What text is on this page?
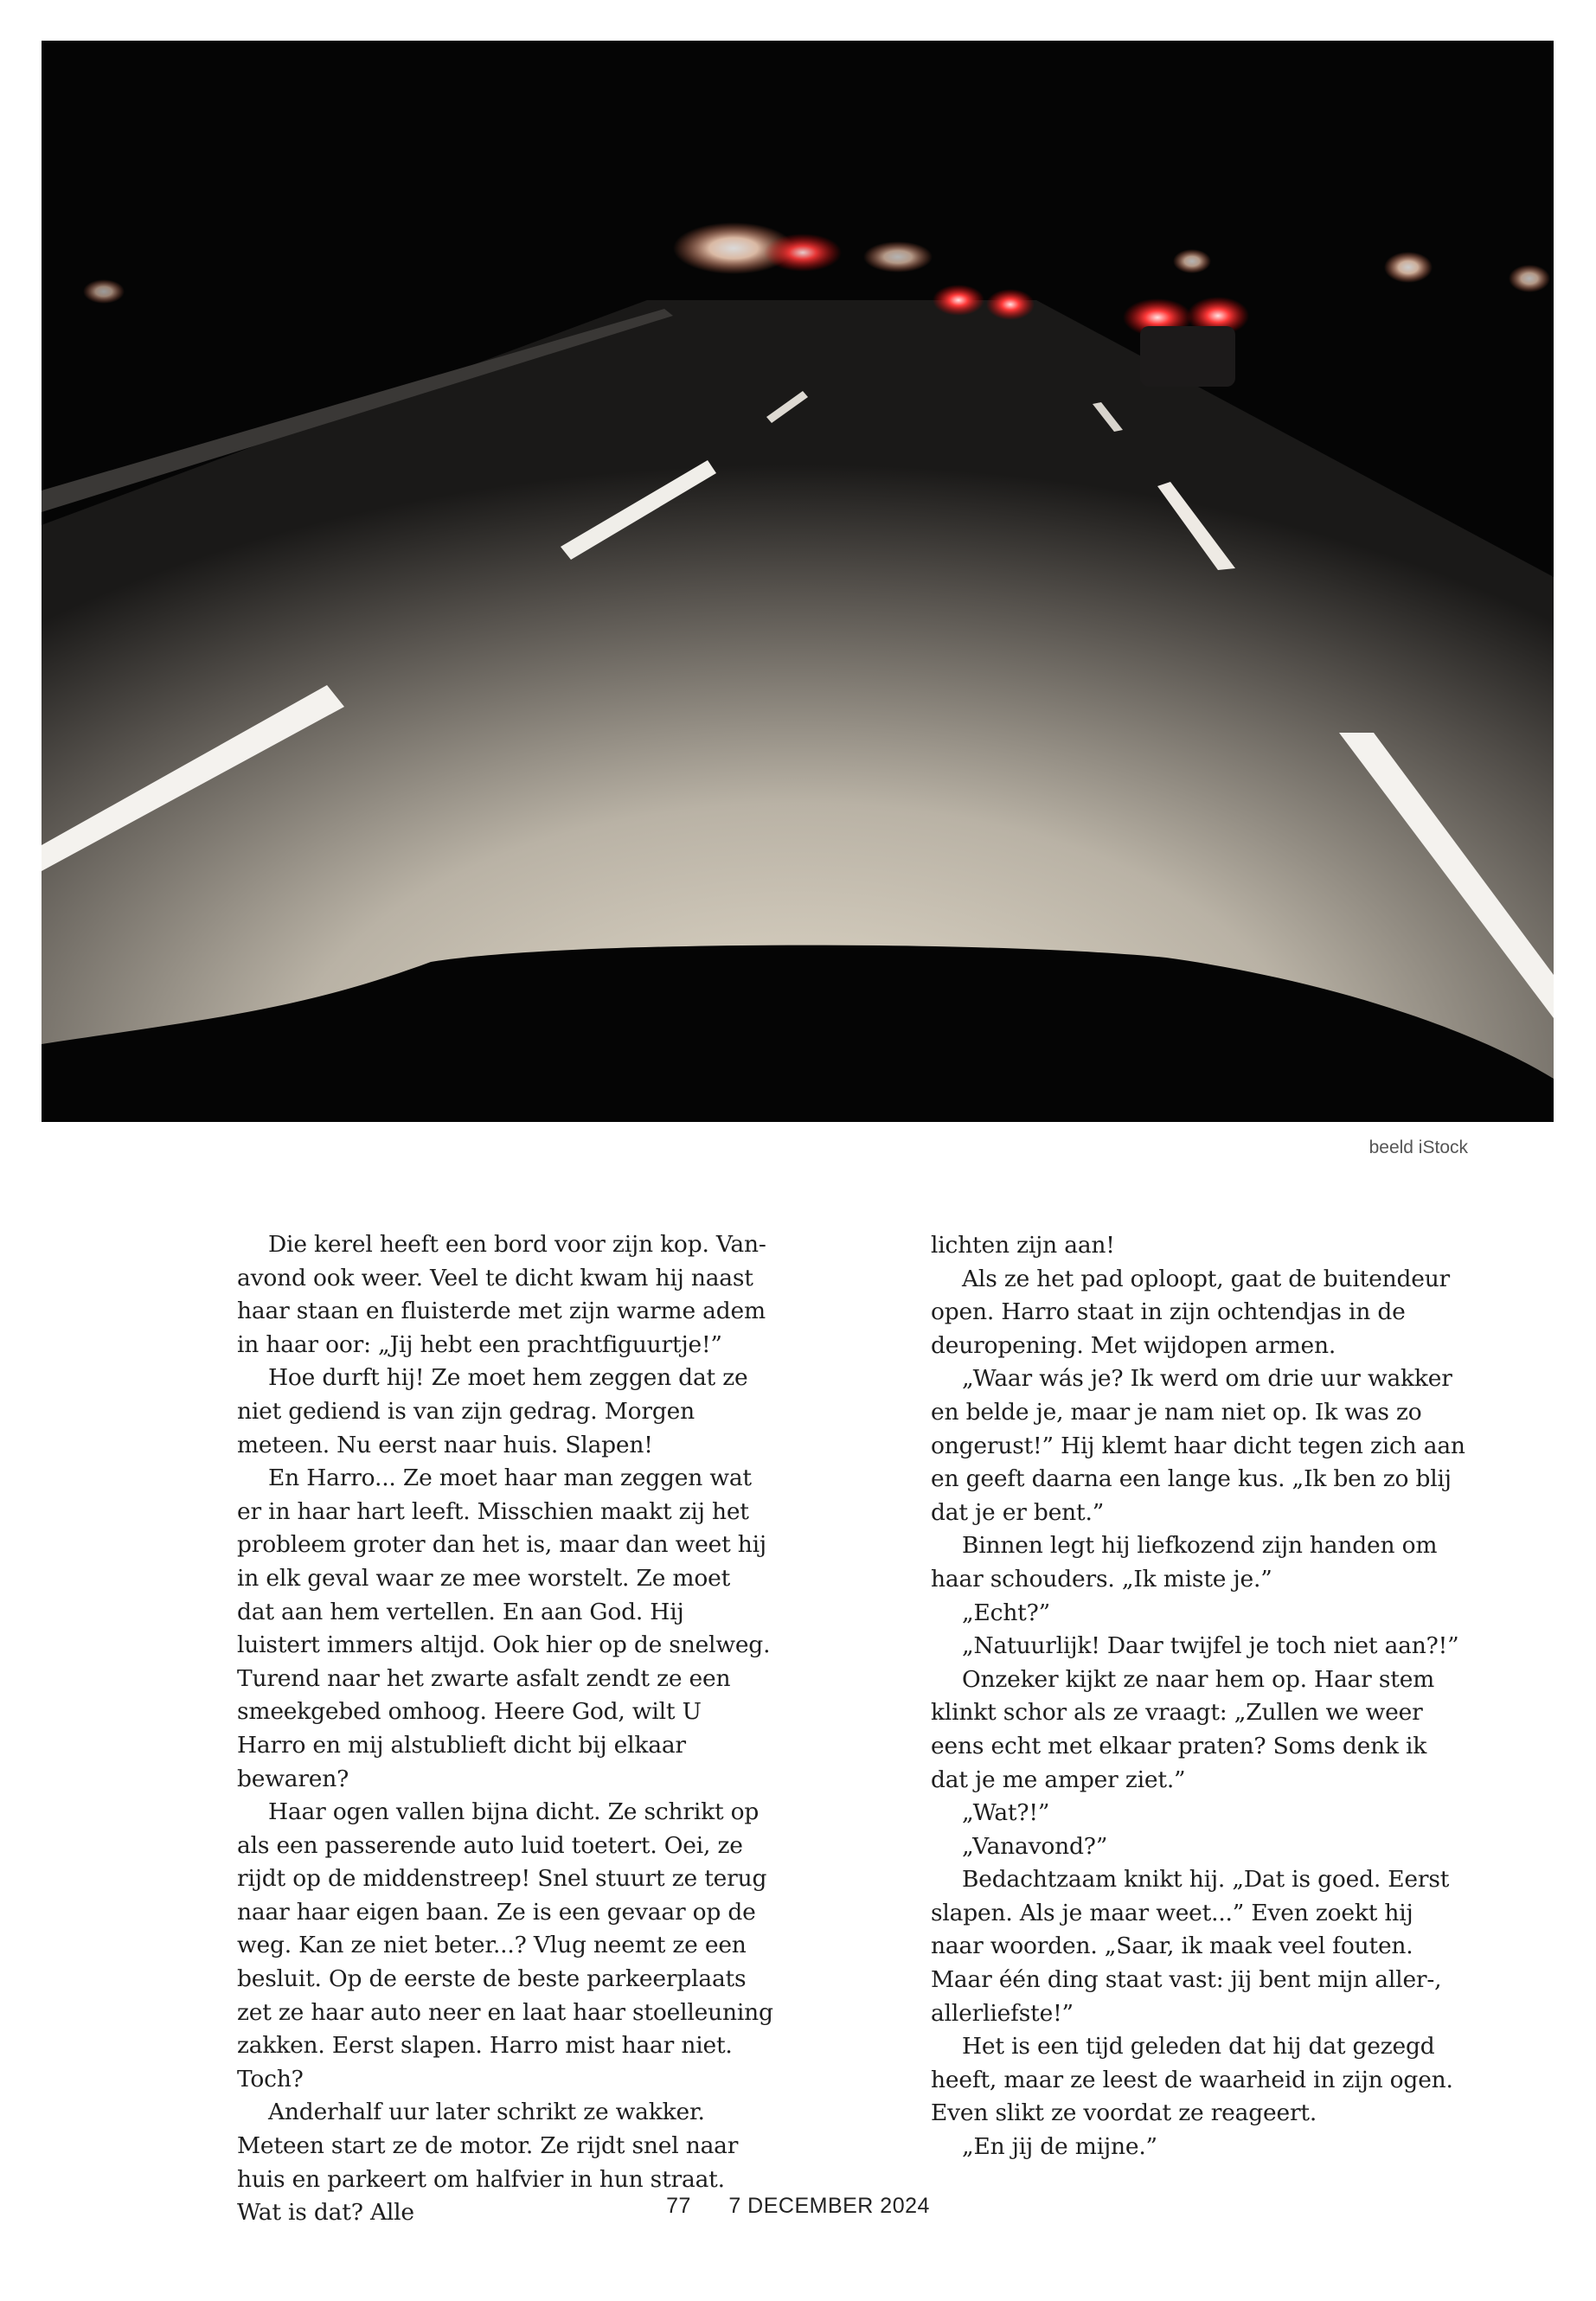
beeld iStock

Die kerel heeft een bord voor zijn kop. Vanavond ook weer. Veel te dicht kwam hij naast haar staan en fluisterde met zijn warme adem in haar oor: „Jij hebt een prachtfiguurtje!”

Hoe durft hij! Ze moet hem zeggen dat ze niet gediend is van zijn gedrag. Morgen meteen. Nu eerst naar huis. Slapen!

En Harro... Ze moet haar man zeggen wat er in haar hart leeft. Misschien maakt zij het probleem groter dan het is, maar dan weet hij in elk geval waar ze mee worstelt. Ze moet dat aan hem vertellen. En aan God. Hij luistert immers altijd. Ook hier op de snelweg. Turend naar het zwarte asfalt zendt ze een smeekgebed omhoog. Heere God, wilt U Harro en mij alstublieft dicht bij elkaar bewaren?

Haar ogen vallen bijna dicht. Ze schrikt op als een passerende auto luid toetert. Oei, ze rijdt op de middenstreep! Snel stuurt ze terug naar haar eigen baan. Ze is een gevaar op de weg. Kan ze niet beter...? Vlug neemt ze een besluit. Op de eerste de beste parkeerplaats zet ze haar auto neer en laat haar stoelleuning zakken. Eerst slapen. Harro mist haar niet. Toch?

Anderhalf uur later schrikt ze wakker. Meteen start ze de motor. Ze rijdt snel naar huis en parkeert om halfvier in hun straat. Wat is dat? Alle

lichten zijn aan!

Als ze het pad oploopt, gaat de buitendeur open. Harro staat in zijn ochtendjas in de deuropening. Met wijdopen armen.

„Waar wás je? Ik werd om drie uur wakker en belde je, maar je nam niet op. Ik was zo ongerust!” Hij klemt haar dicht tegen zich aan en geeft daarna een lange kus. „Ik ben zo blij dat je er bent.”

Binnen legt hij liefkozend zijn handen om haar schouders. „Ik miste je.”

„Echt?”

„Natuurlijk! Daar twijfel je toch niet aan?!”

Onzeker kijkt ze naar hem op. Haar stem klinkt schor als ze vraagt: „Zullen we weer eens echt met elkaar praten? Soms denk ik dat je me amper ziet.”

„Wat?!”

„Vanavond?”

Bedachtzaam knikt hij. „Dat is goed. Eerst slapen. Als je maar weet...” Even zoekt hij naar woorden. „Saar, ik maak veel fouten. Maar één ding staat vast: jij bent mijn aller-, allerliefste!”

Het is een tijd geleden dat hij dat gezegd heeft, maar ze leest de waarheid in zijn ogen. Even slikt ze voordat ze reageert.

„En jij de mijne.”

77 7 DECEMBER 2024
